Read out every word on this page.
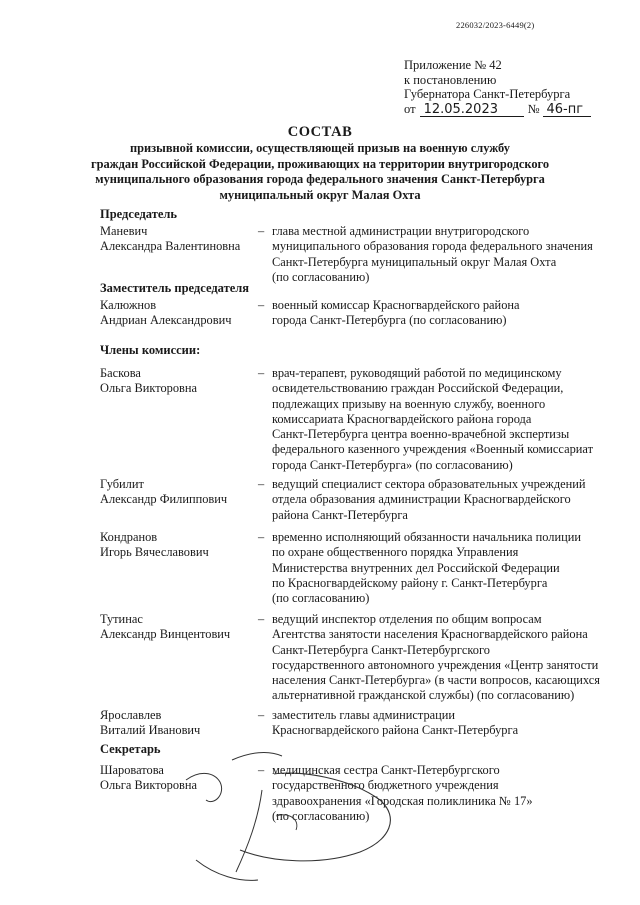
226032/2023-6449(2)
Приложение № 42
к постановлению
Губернатора Санкт-Петербурга
от 12.05.2023	№ 46-пг
СОСТАВ
призывной комиссии, осуществляющей призыв на военную службу
граждан Российской Федерации, проживающих на территории внутригородского
муниципального образования города федерального значения Санкт-Петербурга
муниципальный округ Малая Охта
Председатель
Маневич
Александра Валентиновна
– глава местной администрации внутригородского
муниципального образования города федерального значения
Санкт-Петербурга муниципальный округ Малая Охта
(по согласованию)
Заместитель председателя
Калюжнов
Андриан Александрович
– военный комиссар Красногвардейского района
города Санкт-Петербурга (по согласованию)
Члены комиссии:
Баскова
Ольга Викторовна
– врач-терапевт, руководящий работой по медицинскому
освидетельствованию граждан Российской Федерации,
подлежащих призыву на военную службу, военного
комиссариата Красногвардейского района города
Санкт-Петербурга центра военно-врачебной экспертизы
федерального казенного учреждения «Военный комиссариат
города Санкт-Петербурга» (по согласованию)
Губилит
Александр Филиппович
– ведущий специалист сектора образовательных учреждений
отдела образования администрации Красногвардейского
района Санкт-Петербурга
Кондранов
Игорь Вячеславович
– временно исполняющий обязанности начальника полиции
по охране общественного порядка Управления
Министерства внутренних дел Российской Федерации
по Красногвардейскому району г. Санкт-Петербурга
(по согласованию)
Тутинас
Александр Винцентович
– ведущий инспектор отделения по общим вопросам
Агентства занятости населения Красногвардейского района
Санкт-Петербурга Санкт-Петербургского
государственного автономного учреждения «Центр занятости
населения Санкт-Петербурга» (в части вопросов, касающихся
альтернативной гражданской службы) (по согласованию)
Ярославлев
Виталий Иванович
– заместитель главы администрации
Красногвардейского района Санкт-Петербурга
Секретарь
Шароватова
Ольга Викторовна
– медицинская сестра Санкт-Петербургского
государственного бюджетного учреждения
здравоохранения «Городская поликлиника № 17»
(по согласованию)
